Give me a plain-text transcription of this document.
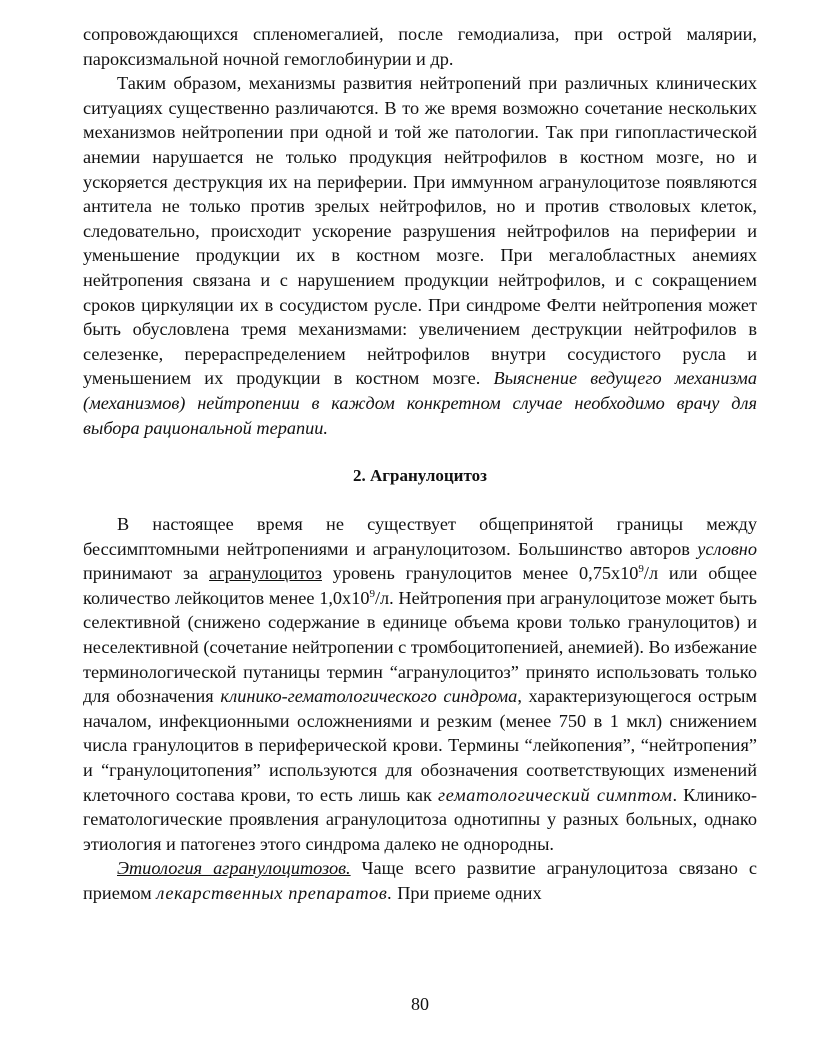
сопровождающихся спленомегалией, после гемодиализа, при острой малярии, пароксизмальной ночной гемоглобинурии и др.

Таким образом, механизмы развития нейтропений при различных клинических ситуациях существенно различаются. В то же время возможно сочетание нескольких механизмов нейтропении при одной и той же патологии. Так при гипопластической анемии нарушается не только продукция нейтрофилов в костном мозге, но и ускоряется деструкция их на периферии. При иммунном агранулоцитозе появляются антитела не только против зрелых нейтрофилов, но и против стволовых клеток, следовательно, происходит ускорение разрушения нейтрофилов на периферии и уменьшение продукции их в костном мозге. При мегалобластных анемиях нейтропения связана и с нарушением продукции нейтрофилов, и с сокращением сроков циркуляции их в сосудистом русле. При синдроме Фелти нейтропения может быть обусловлена тремя механизмами: увеличением деструкции нейтрофилов в селезенке, перераспределением нейтрофилов внутри сосудистого русла и уменьшением их продукции в костном мозге. Выяснение ведущего механизма (механизмов) нейтропении в каждом конкретном случае необходимо врачу для выбора рациональной терапии.

2. Агранулоцитоз

В настоящее время не существует общепринятой границы между бессимптомными нейтропениями и агранулоцитозом. Большинство авторов условно принимают за агранулоцитоз уровень гранулоцитов менее $0,75х10^9/л$ или общее количество лейкоцитов менее $1,0х10^9/л$. Нейтропения при агранулоцитозе может быть селективной (снижено содержание в единице объема крови только гранулоцитов) и неселективной (сочетание нейтропении с тромбоцитопенией, анемией). Во избежание терминологической путаницы термин “агранулоцитоз” принято использовать только для обозначения клинико-гематологического синдрома, характеризующегося острым началом, инфекционными осложнениями и резким (менее 750 в 1 мкл) снижением числа гранулоцитов в периферической крови. Термины “лейкопения”, “нейтропения” и “гранулоцитопения” используются для обозначения соответствующих изменений клеточного состава крови, то есть лишь как гематологический симптом. Клинико-гематологические проявления агранулоцитоза однотипны у разных больных, однако этиология и патогенез этого синдрома далеко не однородны.

Этиология агранулоцитозов. Чаще всего развитие агранулоцитоза связано с приемом лекарственных препаратов. При приеме одних

80
